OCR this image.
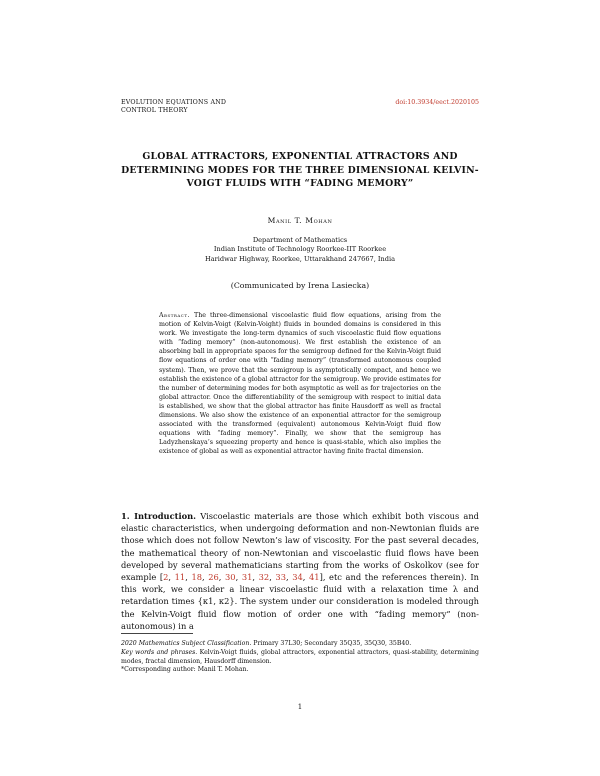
EVOLUTION EQUATIONS AND
CONTROL THEORY
doi:10.3934/eect.2020105
GLOBAL ATTRACTORS, EXPONENTIAL ATTRACTORS AND DETERMINING MODES FOR THE THREE DIMENSIONAL KELVIN-VOIGT FLUIDS WITH “FADING MEMORY”
Manil T. Mohan
Department of Mathematics
Indian Institute of Technology Roorkee-IIT Roorkee
Haridwar Highway, Roorkee, Uttarakhand 247667, India
(Communicated by Irena Lasiecka)
Abstract. The three-dimensional viscoelastic fluid flow equations, arising from the motion of Kelvin-Voigt (Kelvin-Voight) fluids in bounded domains is considered in this work. We investigate the long-term dynamics of such viscoelastic fluid flow equations with “fading memory” (non-autonomous). We first establish the existence of an absorbing ball in appropriate spaces for the semigroup defined for the Kelvin-Voigt fluid flow equations of order one with “fading memory” (transformed autonomous coupled system). Then, we prove that the semigroup is asymptotically compact, and hence we establish the existence of a global attractor for the semigroup. We provide estimates for the number of determining modes for both asymptotic as well as for trajectories on the global attractor. Once the differentiability of the semigroup with respect to initial data is established, we show that the global attractor has finite Hausdorff as well as fractal dimensions. We also show the existence of an exponential attractor for the semigroup associated with the transformed (equivalent) autonomous Kelvin-Voigt fluid flow equations with “fading memory”. Finally, we show that the semigroup has Ladyzhenskaya’s squeezing property and hence is quasi-stable, which also implies the existence of global as well as exponential attractor having finite fractal dimension.
1. Introduction. Viscoelastic materials are those which exhibit both viscous and elastic characteristics, when undergoing deformation and non-Newtonian fluids are those which does not follow Newton’s law of viscosity. For the past several decades, the mathematical theory of non-Newtonian and viscoelastic fluid flows have been developed by several mathematicians starting from the works of Oskolkov (see for example [2, 11, 18, 26, 30, 31, 32, 33, 34, 41], etc and the references therein). In this work, we consider a linear viscoelastic fluid with a relaxation time λ and retardation times {κ1, κ2}. The system under our consideration is modeled through the Kelvin-Voigt fluid flow motion of order one with “fading memory” (non-autonomous) in a
2020 Mathematics Subject Classification. Primary 37L30; Secondary 35Q35, 35Q30, 35B40.
Key words and phrases. Kelvin-Voigt fluids, global attractors, exponential attractors, quasi-stability, determining modes, fractal dimension, Hausdorff dimension.
*Corresponding author: Manil T. Mohan.
1
